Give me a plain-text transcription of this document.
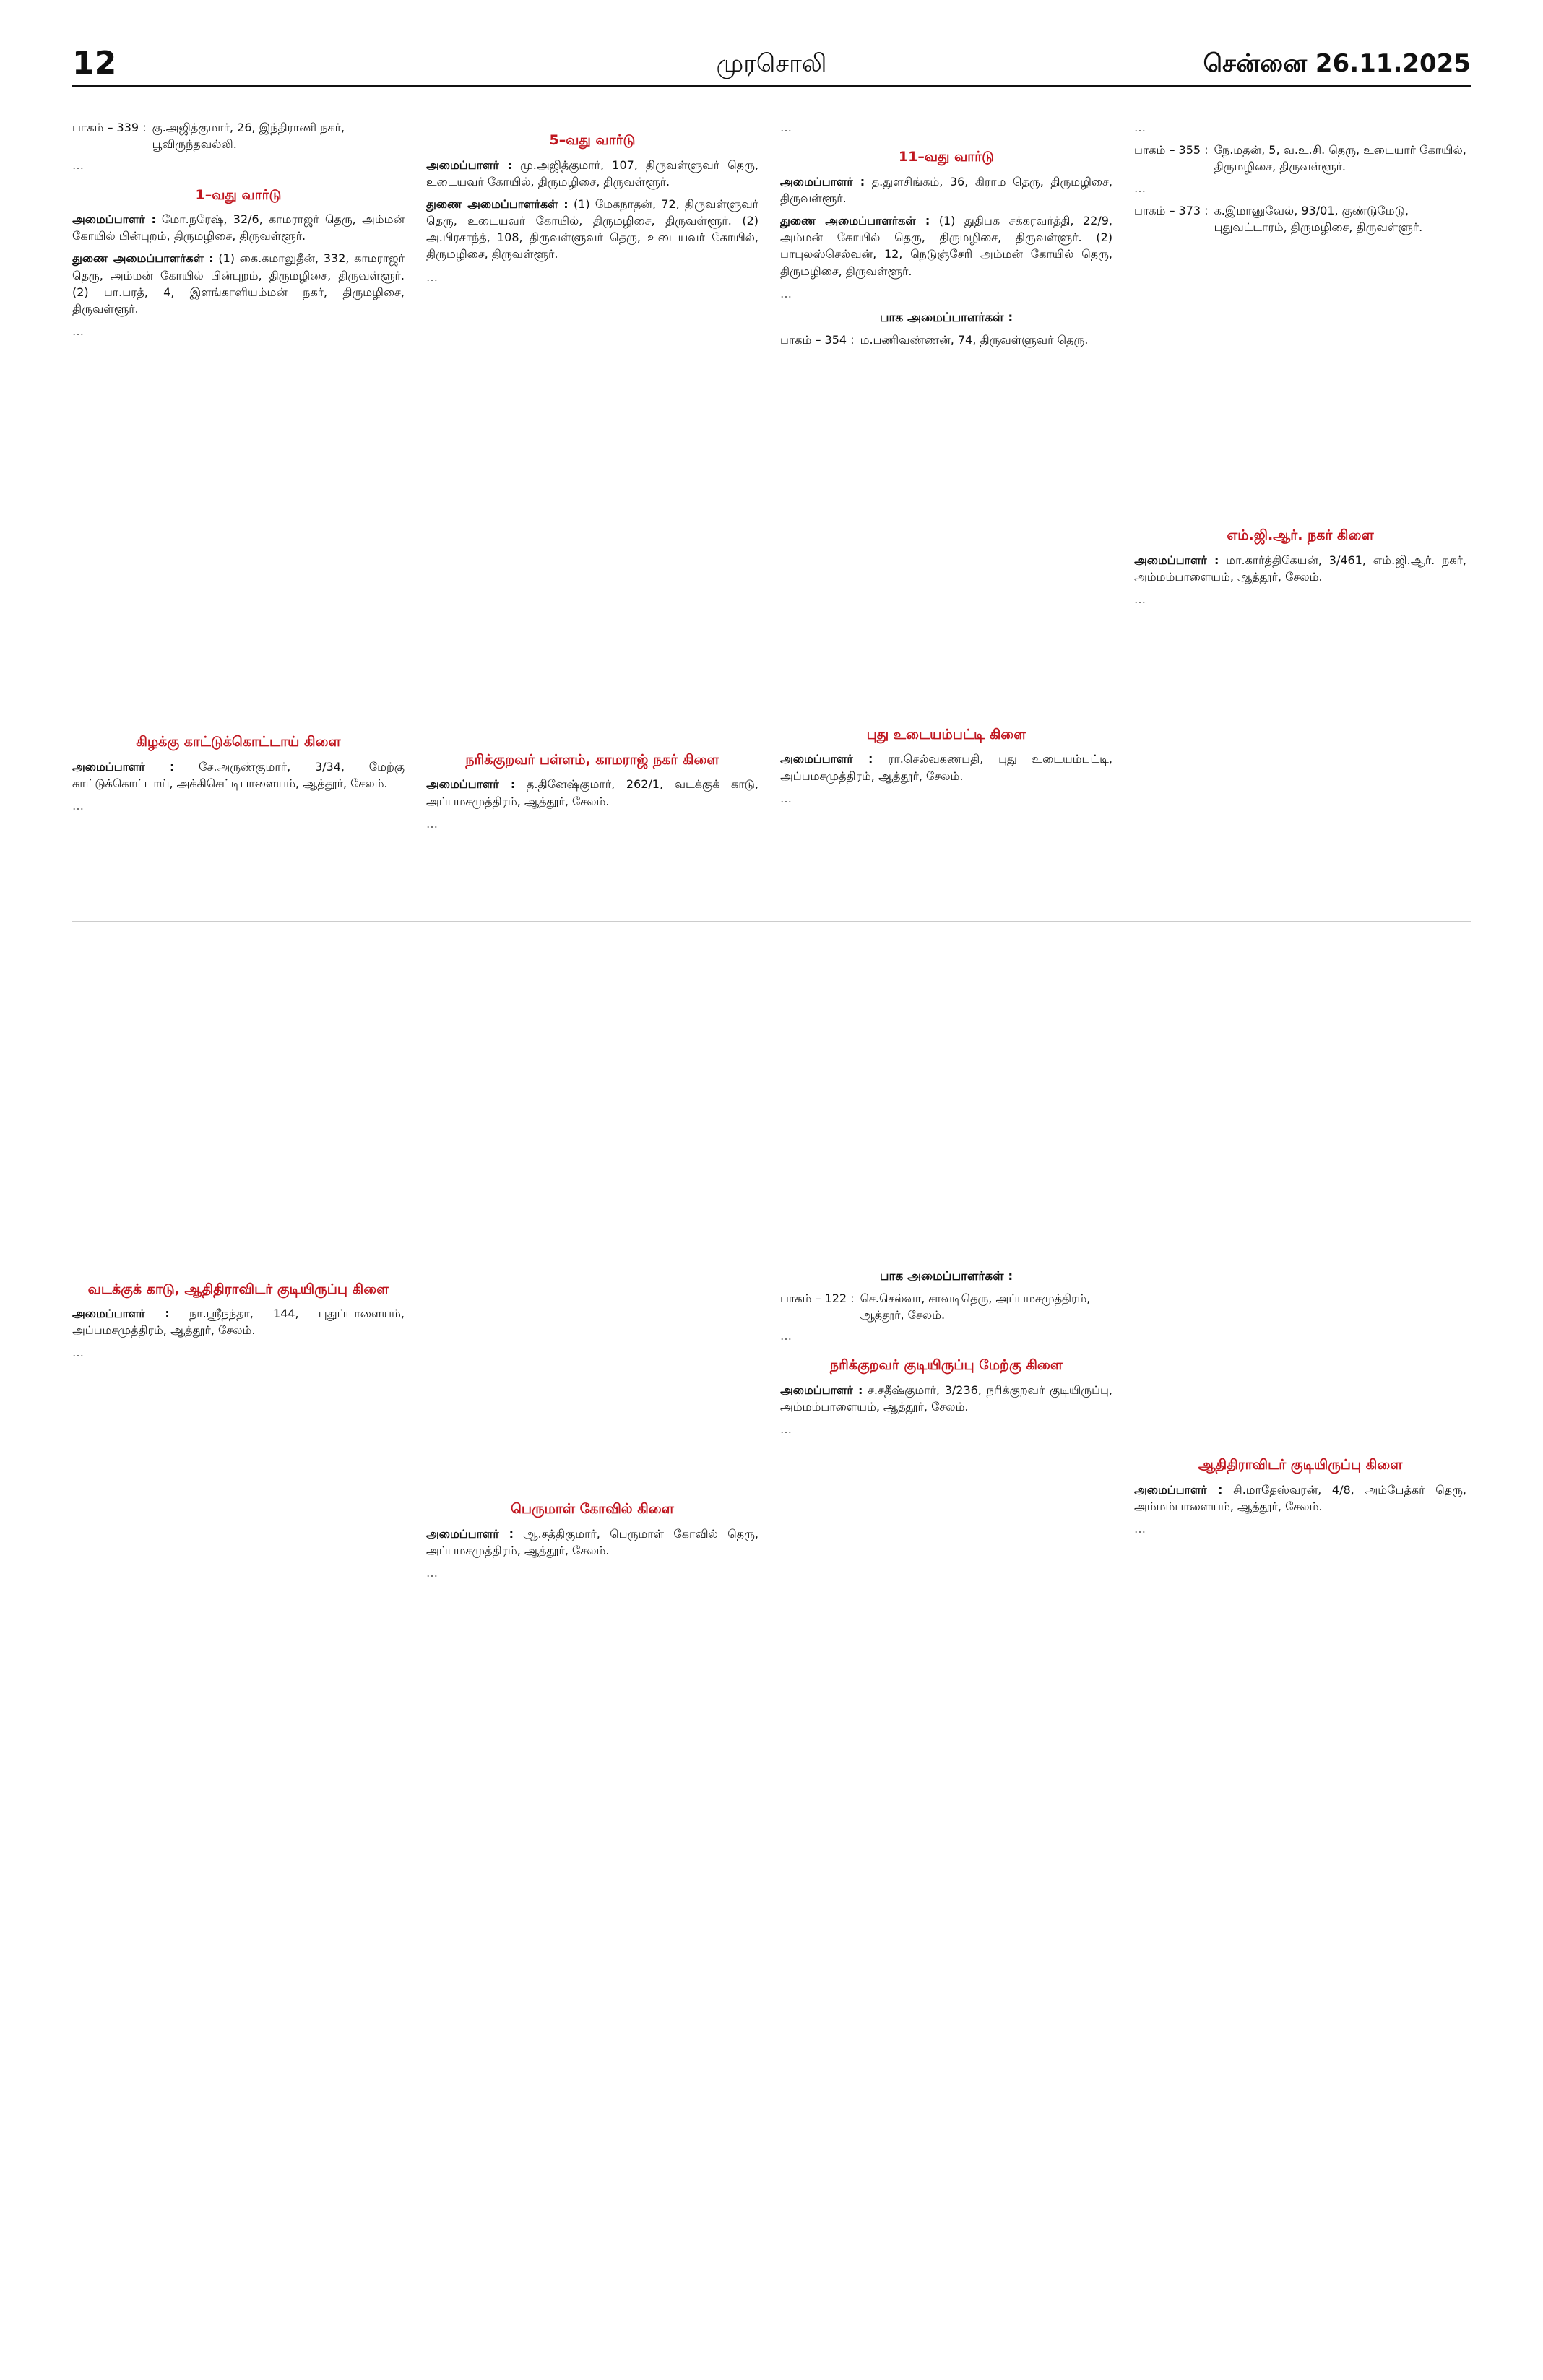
12	முரசொலி	சென்னை 26.11.2025
பாகம் – 339 : கு.அஜித்குமார், 26, இந்திராணி நகர், பூவிருந்தவல்லி.

…

1–வது வார்டு

அமைப்பாளர் : மோ.நரேஷ், 32/6, காமராஜர் தெரு, அம்மன் கோயில் பின்புறம், திருமழிசை, திருவள்ளூர்.

துணை அமைப்பாளர்கள் : (1) கை.கமாலுதீன், 332, காமராஜர் தெரு, அம்மன் கோயில் பின்புறம், திருமழிசை, திருவள்ளூர். (2) பா.பரத், 4, இளங்காளியம்மன் நகர், திருமழிசை, திருவள்ளூர்.

…

கிழக்கு காட்டுக்கொட்டாய் கிளை

அமைப்பாளர் : சே.அருண்குமார், 3/34, மேற்கு காட்டுக்கொட்டாய், அக்கிசெட்டிபாளையம், ஆத்தூர், சேலம்.

…

வடக்குக் காடு, ஆதிதிராவிடர் குடியிருப்பு கிளை

அமைப்பாளர் : நா.ஸ்ரீநந்தா, 144, புதுப்பாளையம், அப்பமசமுத்திரம், ஆத்தூர், சேலம்.

…

5–வது வார்டு

அமைப்பாளர் : மு.அஜித்குமார், 107, திருவள்ளுவர் தெரு, உடையவர் கோயில், திருமழிசை, திருவள்ளூர்.

துணை அமைப்பாளர்கள் : (1) மேகநாதன், 72, திருவள்ளுவர் தெரு, உடையவர் கோயில், திருமழிசை, திருவள்ளூர். (2) அ.பிரசாந்த், 108, திருவள்ளுவர் தெரு, உடையவர் கோயில், திருமழிசை, திருவள்ளூர்.

…

நரிக்குறவர் பள்ளம், காமராஜ் நகர் கிளை

அமைப்பாளர் : த.தினேஷ்குமார், 262/1, வடக்குக் காடு, அப்பமசமுத்திரம், ஆத்தூர், சேலம்.

…

பெருமாள் கோவில் கிளை

அமைப்பாளர் : ஆ.சத்திகுமார், பெருமாள் கோவில் தெரு, அப்பமசமுத்திரம், ஆத்தூர், சேலம்.

…

…

11–வது வார்டு

அமைப்பாளர் : த.துளசிங்கம், 36, கிராம தெரு, திருமழிசை, திருவள்ளூர்.

துணை அமைப்பாளர்கள் : (1) துதிபக சக்கரவர்த்தி, 22/9, அம்மன் கோயில் தெரு, திருமழிசை, திருவள்ளூர். (2) பாபுலஸ்செல்வன், 12, நெடுஞ்சேரி அம்மன் கோயில் தெரு, திருமழிசை, திருவள்ளூர்.

…

பாக அமைப்பாளர்கள் :
பாகம் – 354 : ம.பணிவண்ணன், 74, திருவள்ளுவர் தெரு.
புது உடையம்பட்டி கிளை

அமைப்பாளர் : ரா.செல்வகணபதி, புது உடையம்பட்டி, அப்பமசமுத்திரம், ஆத்தூர், சேலம்.

…

பாக அமைப்பாளர்கள் :
பாகம் – 122 : செ.செல்வா, சாவடிதெரு, அப்பமசமுத்திரம், ஆத்தூர், சேலம்.

…

நரிக்குறவர் குடியிருப்பு மேற்கு கிளை

அமைப்பாளர் : ச.சதீஷ்குமார், 3/236, நரிக்குறவர் குடியிருப்பு, அம்மம்பாளையம், ஆத்தூர், சேலம்.

…

…

பாகம் – 355 : நே.மதன், 5, வ.உ.சி. தெரு, உடையார் கோயில், திருமழிசை, திருவள்ளூர்.

…

பாகம் – 373 : க.இமானுவேல், 93/01, குண்டுமேடு, புதுவட்டாரம், திருமழிசை, திருவள்ளூர்.
எம்.ஜி.ஆர். நகர் கிளை

அமைப்பாளர் : மா.கார்த்திகேயன், 3/461, எம்.ஜி.ஆர். நகர், அம்மம்பாளையம், ஆத்தூர், சேலம்.

…

ஆதிதிராவிடர் குடியிருப்பு கிளை

அமைப்பாளர் : சி.மாதேஸ்வரன், 4/8, அம்பேத்கர் தெரு, அம்மம்பாளையம், ஆத்தூர், சேலம்.

…
